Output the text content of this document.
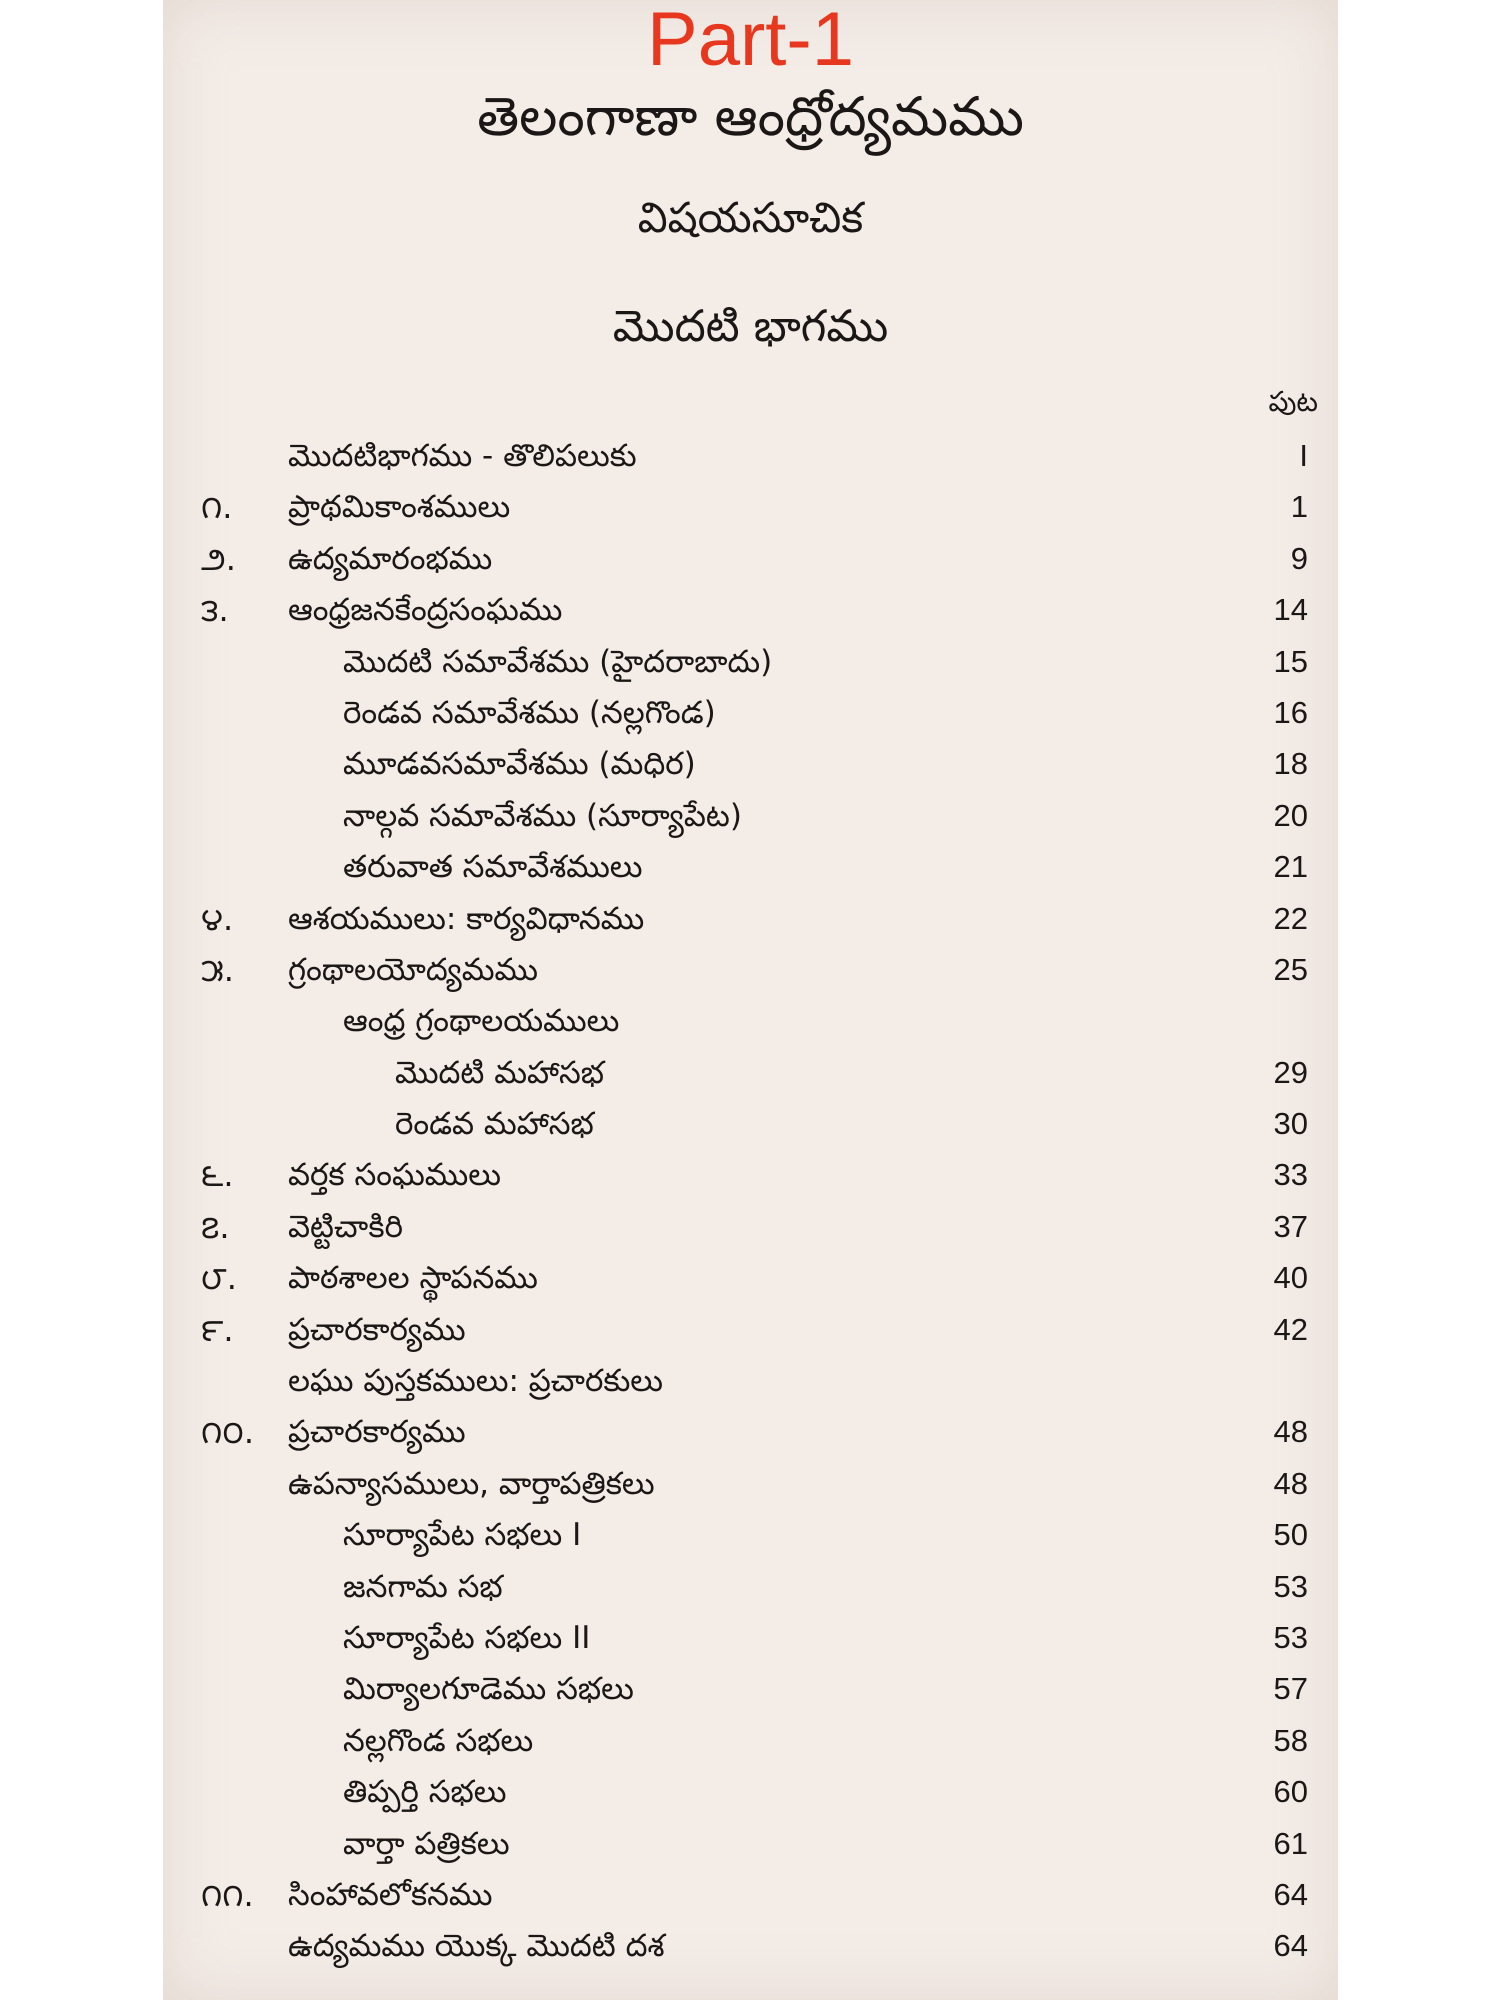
Part-1
తెలంగాణా ఆంధ్రోద్యమము
విషయసూచిక
మొదటి భాగము
పుట
మొదటిభాగము - తొలిపలుకు	I
౧. ప్రాథమికాంశములు	1
౨. ఉద్యమారంభము	9
౩. ఆంధ్రజనకేంద్రసంఘము	14
మొదటి సమావేశము (హైదరాబాదు)	15
రెండవ సమావేశము (నల్లగొండ)	16
మూడవసమావేశము (మధిర)	18
నాల్గవ సమావేశము (సూర్యాపేట)	20
తరువాత సమావేశములు	21
౪. ఆశయములు: కార్యవిధానము	22
౫. గ్రంథాలయోద్యమము	25
ఆంధ్ర గ్రంథాలయములు
మొదటి మహాసభ	29
రెండవ మహాసభ	30
౬. వర్తక సంఘములు	33
౭. వెట్టిచాకిరి	37
౮. పాఠశాలల స్థాపనము	40
౯. ప్రచారకార్యము	42
లఘు పుస్తకములు: ప్రచారకులు
౧౦. ప్రచారకార్యము	48
ఉపన్యాసములు, వార్తాపత్రికలు	48
సూర్యాపేట సభలు I	50
జనగామ సభ	53
సూర్యాపేట సభలు II	53
మిర్యాలగూడెము సభలు	57
నల్లగొండ సభలు	58
తిప్పర్తి సభలు	60
వార్తా పత్రికలు	61
౧౧. సింహావలోకనము	64
ఉద్యమము యొక్క మొదటి దశ	64
